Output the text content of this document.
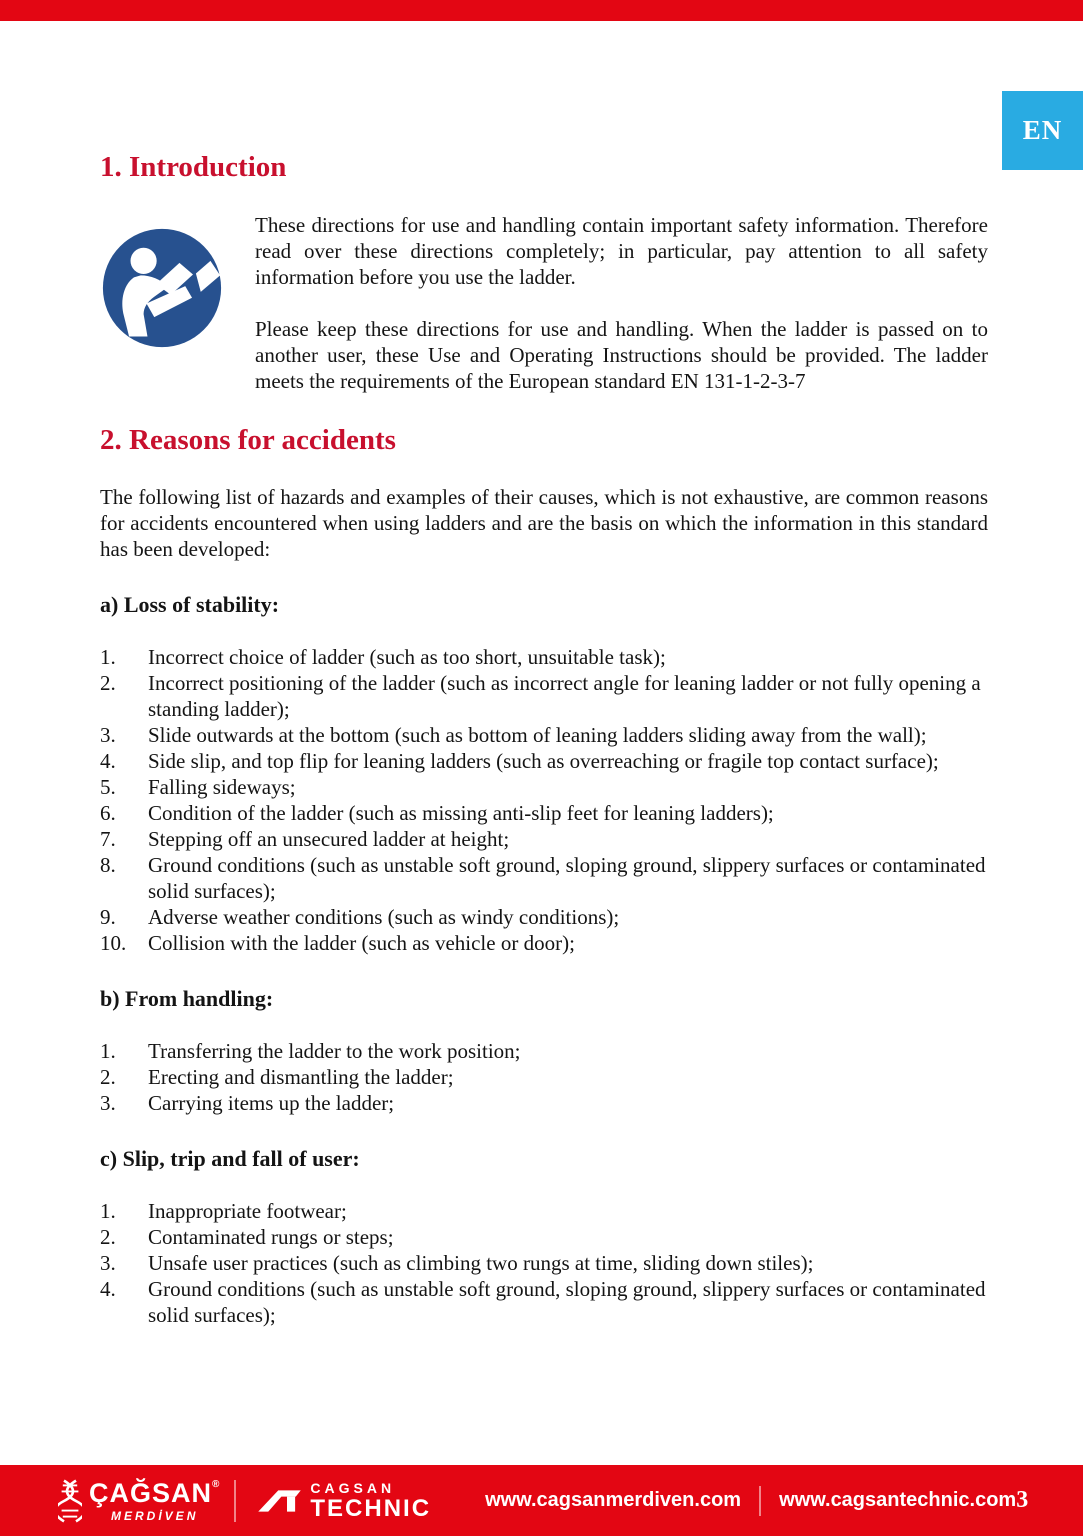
EN
1. Introduction

These directions for use and handling contain important safety information. Therefore read over these directions completely; in particular, pay attention to all safety information before you use the ladder.

Please keep these directions for use and handling. When the ladder is passed on to another user, these Use and Operating Instructions should be provided. The ladder meets the requirements of the European standard EN 131-1-2-3-7

2. Reasons for accidents

The following list of hazards and examples of their causes, which is not exhaustive, are common reasons for accidents encountered when using ladders and are the basis on which the information in this standard has been developed:

a) Loss of stability:

1.	Incorrect choice of ladder (such as too short, unsuitable task);
2.	Incorrect positioning of the ladder (such as incorrect angle for leaning ladder or not fully opening a standing ladder);
3.	Slide outwards at the bottom (such as bottom of leaning ladders sliding away from the wall);
4.	Side slip, and top flip for leaning ladders (such as overreaching or fragile top contact surface);
5.	Falling sideways;
6.	Condition of the ladder (such as missing anti-slip feet for leaning ladders);
7.	Stepping off an unsecured ladder at height;
8.	Ground conditions (such as unstable soft ground, sloping ground, slippery surfaces or contaminated solid surfaces);
9.	Adverse weather conditions (such as windy conditions);
10.	Collision with the ladder (such as vehicle or door);

b) From handling:

1.	Transferring the ladder to the work position;
2.	Erecting and dismantling the ladder;
3.	Carrying items up the ladder;

c) Slip, trip and fall of user:

1.	Inappropriate footwear;
2.	Contaminated rungs or steps;
3.	Unsafe user practices (such as climbing two rungs at time, sliding down stiles);
4.	Ground conditions (such as unstable soft ground, sloping ground, slippery surfaces or contaminated solid surfaces);
ÇAĞSAN®
MERDİVEN
CAGSAN
TECHNIC	www.cagsanmerdiven.com www.cagsantechnic.com 3
